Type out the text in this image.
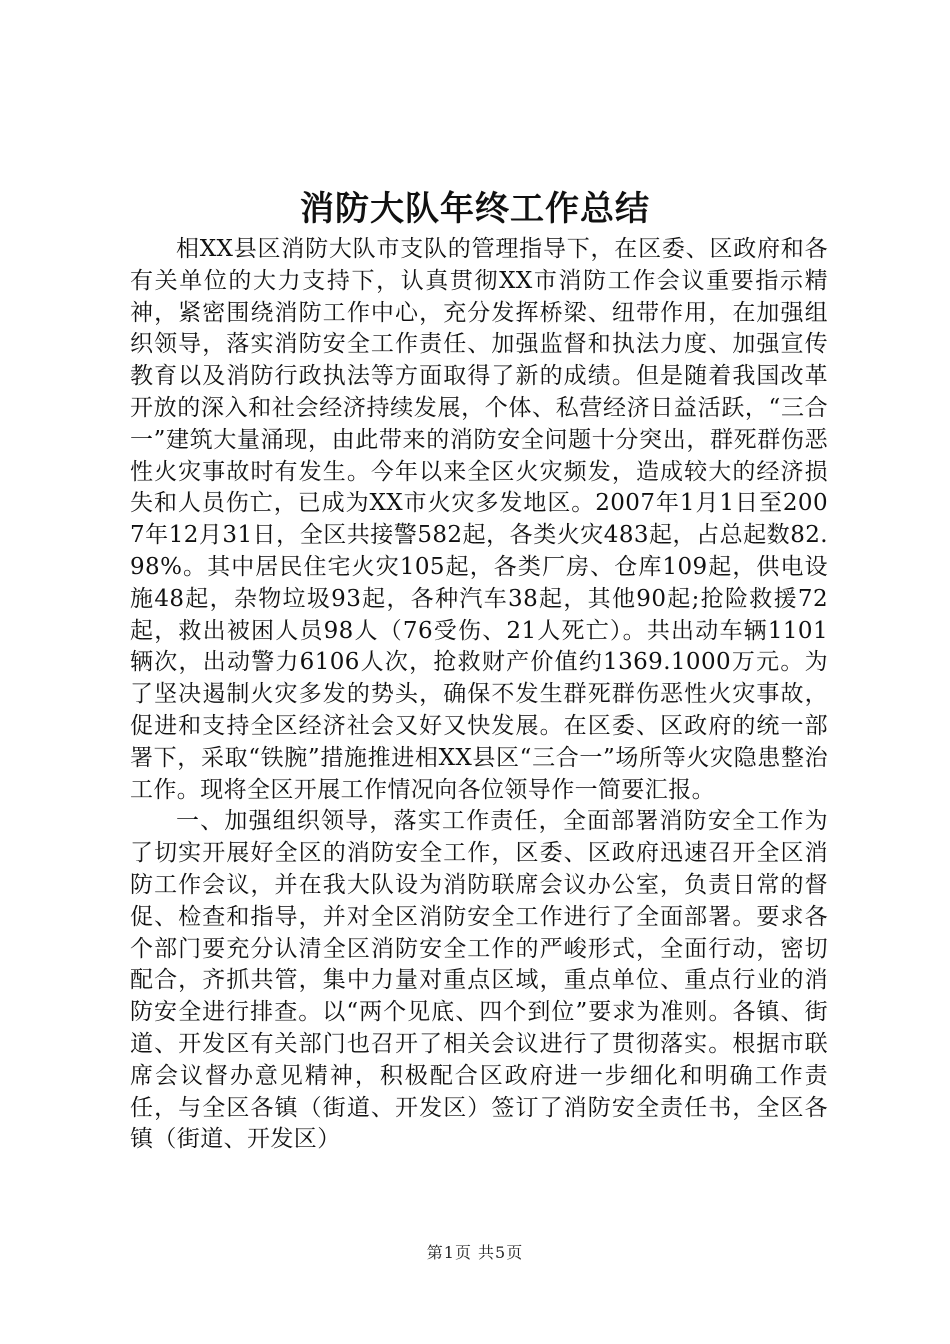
消防大队年终工作总结

相XX县区消防大队市支队的管理指导下，在区委、区政府和各有关单位的大力支持下，认真贯彻XX市消防工作会议重要指示精神，紧密围绕消防工作中心，充分发挥桥梁、纽带作用，在加强组织领导，落实消防安全工作责任、加强监督和执法力度、加强宣传教育以及消防行政执法等方面取得了新的成绩。但是随着我国改革开放的深入和社会经济持续发展，个体、私营经济日益活跃，“三合一”建筑大量涌现，由此带来的消防安全问题十分突出，群死群伤恶性火灾事故时有发生。今年以来全区火灾频发，造成较大的经济损失和人员伤亡，已成为XX市火灾多发地区。2007年1月1日至2007年12月31日，全区共接警582起，各类火灾483起，占总起数82.98%。其中居民住宅火灾105起，各类厂房、仓库109起，供电设施48起，杂物垃圾93起，各种汽车38起，其他90起;抢险救援72起，救出被困人员98人（76受伤、21人死亡）。共出动车辆1101辆次，出动警力6106人次，抢救财产价值约1369.1000万元。为了坚决遏制火灾多发的势头，确保不发生群死群伤恶性火灾事故，促进和支持全区经济社会又好又快发展。在区委、区政府的统一部署下，采取“铁腕”措施推进相XX县区“三合一”场所等火灾隐患整治工作。现将全区开展工作情况向各位领导作一简要汇报。

一、加强组织领导，落实工作责任，全面部署消防安全工作为了切实开展好全区的消防安全工作，区委、区政府迅速召开全区消防工作会议，并在我大队设为消防联席会议办公室，负责日常的督促、检查和指导，并对全区消防安全工作进行了全面部署。要求各个部门要充分认清全区消防安全工作的严峻形式，全面行动，密切配合，齐抓共管，集中力量对重点区域，重点单位、重点行业的消防安全进行排查。以“两个见底、四个到位”要求为准则。各镇、街道、开发区有关部门也召开了相关会议进行了贯彻落实。根据市联席会议督办意见精神，积极配合区政府进一步细化和明确工作责任，与全区各镇（街道、开发区）签订了消防安全责任书，全区各镇（街道、开发区）

第1页 共5页
